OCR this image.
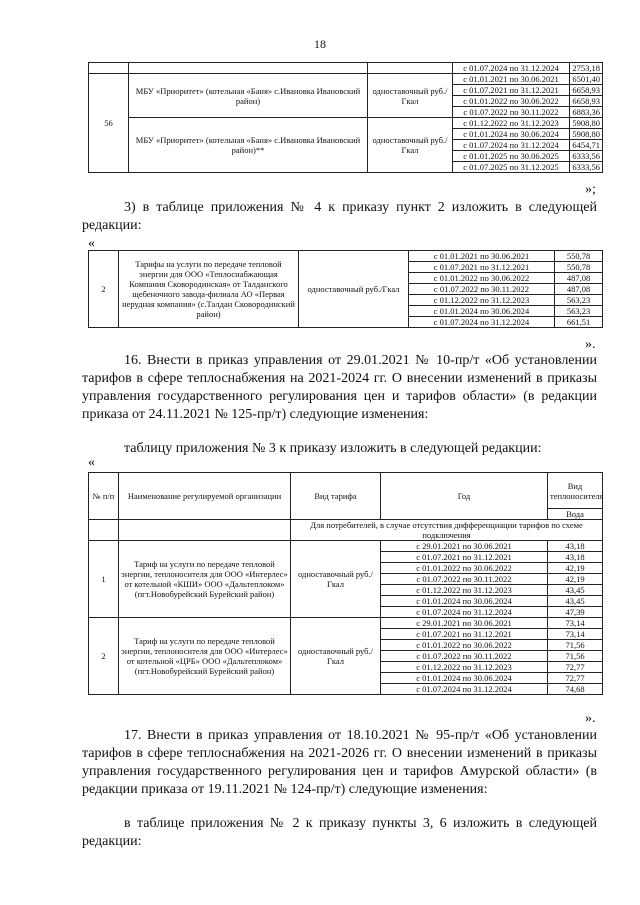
18
			с 01.07.2024 по 31.12.2024	2753,18
56	МБУ «Приоритет» (котельная «Баня» с.Ивановка Ивановский район)	одноставочный руб./Гкал	с 01.01.2021 по 30.06.2021	6501,40
			с 01.07.2021 по 31.12.2021	6658,93
			с 01.01.2022 по 30.06.2022	6658,93
			с 01.07.2022 по 30.11.2022	6883,36
	МБУ «Приоритет» (котельная «Баня» с.Ивановка Ивановский район)**	одноставочный руб./Гкал	с 01.12.2022 по 31.12.2023	5908,80
			с 01.01.2024 по 30.06.2024	5908,80
			с 01.07.2024 по 31.12.2024	6454,71
			с 01.01.2025 по 30.06.2025	6333,56
			с 01.07.2025 по 31.12.2025	6333,56
»;
3) в таблице приложения № 4 к приказу пункт 2 изложить в следующей редакции:
«
2	Тарифы на услуги по передаче тепловой энергии для ООО «Теплоснабжающая Компания Сковородинская» от Талданского щебеночного завода-филиала АО «Первая нерудная компания» (с.Талдан Сковородинский район)	одноставочный руб./Гкал	с 01.01.2021 по 30.06.2021	550,78
			с 01.07.2021 по 31.12.2021	550,78
			с 01.01.2022 по 30.06.2022	487,08
			с 01.07.2022 по 30.11.2022	487,08
			с 01.12.2022 по 31.12.2023	563,23
			с 01.01.2024 по 30.06.2024	563,23
			с 01.07.2024 по 31.12.2024	661,51
».
16. Внести в приказ управления от 29.01.2021 № 10-пр/т «Об установлении тарифов в сфере теплоснабжения на 2021-2024 гг. О внесении изменений в приказы управления государственного регулирования цен и тарифов области» (в редакции приказа от 24.11.2021 № 125-пр/т) следующие изменения:
таблицу приложения № 3 к приказу изложить в следующей редакции:
«
№ п/п	Наименование регулируемой организации	Вид тарифа	Год	Вид теплоносителя
				Вода
		Для потребителей, в случае отсутствия дифференциации тарифов по схеме подключения		
1	Тариф на услуги по передаче тепловой энергии, теплоносителя для ООО «Интерлес» от котельной «КШИ» ООО «Дальтеплоком» (пгт.Новобурейский Бурейский район)	одноставочный руб./Гкал	с 29.01.2021 по 30.06.2021	43,18
			с 01.07.2021 по 31.12.2021	43,18
			с 01.01.2022 по 30.06.2022	42,19
			с 01.07.2022 по 30.11.2022	42,19
			с 01.12.2022 по 31.12.2023	43,45
			с 01.01.2024 по 30.06.2024	43,45
			с 01.07.2024 по 31.12.2024	47,39
2	Тариф на услуги по передаче тепловой энергии, теплоносителя для ООО «Интерлес» от котельной «ЦРБ» ООО «Дальтеплоком» (пгт.Новобурейский Бурейский район)	одноставочный руб./Гкал	с 29.01.2021 по 30.06.2021	73,14
			с 01.07.2021 по 31.12.2021	73,14
			с 01.01.2022 по 30.06.2022	71,56
			с 01.07.2022 по 30.11.2022	71,56
			с 01.12.2022 по 31.12.2023	72,77
			с 01.01.2024 по 30.06.2024	72,77
			с 01.07.2024 по 31.12.2024	74,68
».
17. Внести в приказ управления от 18.10.2021 № 95-пр/т «Об установлении тарифов в сфере теплоснабжения на 2021-2026 гг. О внесении изменений в приказы управления государственного регулирования цен и тарифов Амурской области» (в редакции приказа от 19.11.2021 № 124-пр/т) следующие изменения:
в таблице приложения № 2 к приказу пункты 3, 6 изложить в следующей редакции:
